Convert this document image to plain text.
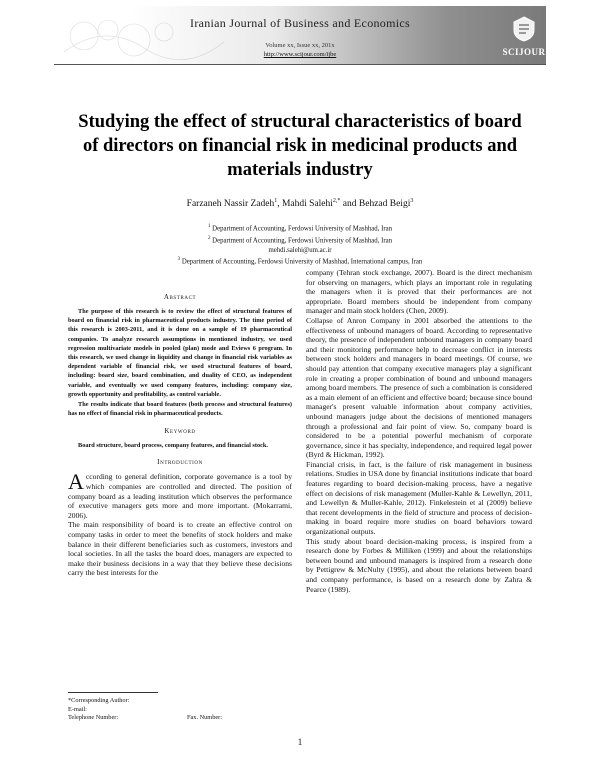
Iranian Journal of Business and Economics
Volume xx, Issue xx, 201x
http://www.scijour.com/ijbe	SCIJOUR
Studying the effect of structural characteristics of board of directors on financial risk in medicinal products and materials industry
Farzaneh Nassir Zadeh$^1$, Mahdi Salehi$^{2,*}$ and Behzad Beigi$^3$
$^1$ Department of Accounting, Ferdowsi University of Mashhad, Iran
$^2$ Department of Accounting, Ferdowsi University of Mashhad, Iran
mehdi.salehi@um.ac.ir
$^3$ Department of Accounting, Ferdowsi University of Mashhad, International campus, Iran
Abstract

The purpose of this research is to review the effect of structural features of board on financial risk in pharmaceutical products industry. The time period of this research is 2003-2011, and it is done on a sample of 19 pharmaceutical companies. To analyze research assumptions in mentioned industry, we used regression multivariate models in pooled (plan) mode and Eviews 6 program. In this research, we used change in liquidity and change in financial risk variables as dependent variable of financial risk, we used structural features of board, including: board size, board combination, and duality of CEO, as independent variable, and eventually we used company features, including: company size, growth opportunity and profitability, as control variable.

The results indicate that board features (both process and structural features) has no effect of financial risk in pharmaceutical products.

Keyword

Board structure, board process, company features, and financial stock.

Introduction

According to general definition, corporate governance is a tool by which companies are controlled and directed. The position of company board as a leading institution which observes the performance of executive managers gets more and more important. (Mokarrami, 2006).

The main responsibility of board is to create an effective control on company tasks in order to meet the benefits of stock holders and make balance in their different beneficiaries such as customers, investors and local societies. In all the tasks the board does, managers are expected to make their business decisions in a way that they believe these decisions carry the best interests for the

company (Tehran stock exchange, 2007). Board is the direct mechanism for observing on managers, which plays an important role in regulating the managers when it is proved that their performances are not appropriate. Board members should be independent from company manager and main stock holders (Chen, 2009).

Collapse of Anron Company in 2001 absorbed the attentions to the effectiveness of unbound managers of board. According to representative theory, the presence of independent unbound managers in company board and their monitoring performance help to decrease conflict in interests between stock holders and managers in board meetings. Of course, we should pay attention that company executive managers play a significant role in creating a proper combination of bound and unbound managers among board members. The presence of such a combination is considered as a main element of an efficient and effective board; because since bound manager's present valuable information about company activities, unbound managers judge about the decisions of mentioned managers through a professional and fair point of view. So, company board is considered to be a potential powerful mechanism of corporate governance, since it has specialty, independence, and required legal power (Byrd & Hickman, 1992).

Financial crisis, in fact, is the failure of risk management in business relations. Studies in USA done by financial institutions indicate that board features regarding to board decision-making process, have a negative effect on decisions of risk management (Muller-Kahle & Lewellyn, 2011, and Lewellyn & Muller-Kahle, 2012). Finkelestein et al (2009) believe that recent developments in the field of structure and process of decision-making in board require more studies on board behaviors toward organizational outputs.

This study about board decision-making process, is inspired from a research done by Forbes & Milliken (1999) and about the relationships between bound and unbound managers is inspired from a research done by Pettigrew & McNulty (1995), and about the relations between board and company performance, is based on a research done by Zahra & Pearce (1989).

*Corresponding Author:
E-mail:
Telephone Number:	Fax. Number:
1
